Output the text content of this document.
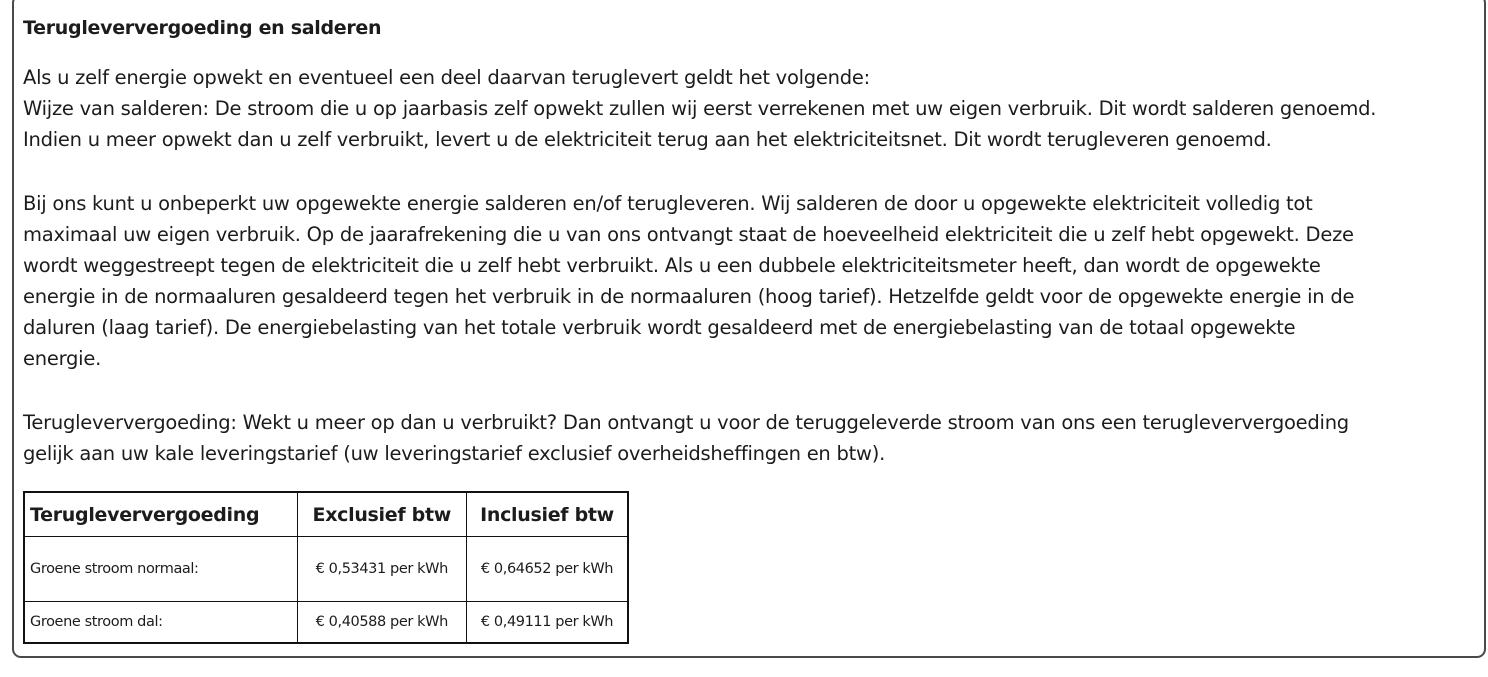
Terugleververgoeding en salderen

Als u zelf energie opwekt en eventueel een deel daarvan teruglevert geldt het volgende:
Wijze van salderen: De stroom die u op jaarbasis zelf opwekt zullen wij eerst verrekenen met uw eigen verbruik. Dit wordt salderen genoemd.
Indien u meer opwekt dan u zelf verbruikt, levert u de elektriciteit terug aan het elektriciteitsnet. Dit wordt terugleveren genoemd.

Bij ons kunt u onbeperkt uw opgewekte energie salderen en/of terugleveren. Wij salderen de door u opgewekte elektriciteit volledig tot
maximaal uw eigen verbruik. Op de jaarafrekening die u van ons ontvangt staat de hoeveelheid elektriciteit die u zelf hebt opgewekt. Deze
wordt weggestreept tegen de elektriciteit die u zelf hebt verbruikt. Als u een dubbele elektriciteitsmeter heeft, dan wordt de opgewekte
energie in de normaaluren gesaldeerd tegen het verbruik in de normaaluren (hoog tarief). Hetzelfde geldt voor de opgewekte energie in de
daluren (laag tarief). De energiebelasting van het totale verbruik wordt gesaldeerd met de energiebelasting van de totaal opgewekte
energie.

Terugleververgoeding: Wekt u meer op dan u verbruikt? Dan ontvangt u voor de teruggeleverde stroom van ons een terugleververgoeding
gelijk aan uw kale leveringstarief (uw leveringstarief exclusief overheidsheffingen en btw).

Terugleververgoeding	Exclusief btw	Inclusief btw
Groene stroom normaal:	€ 0,53431 per kWh	€ 0,64652 per kWh
Groene stroom dal:	€ 0,40588 per kWh	€ 0,49111 per kWh
